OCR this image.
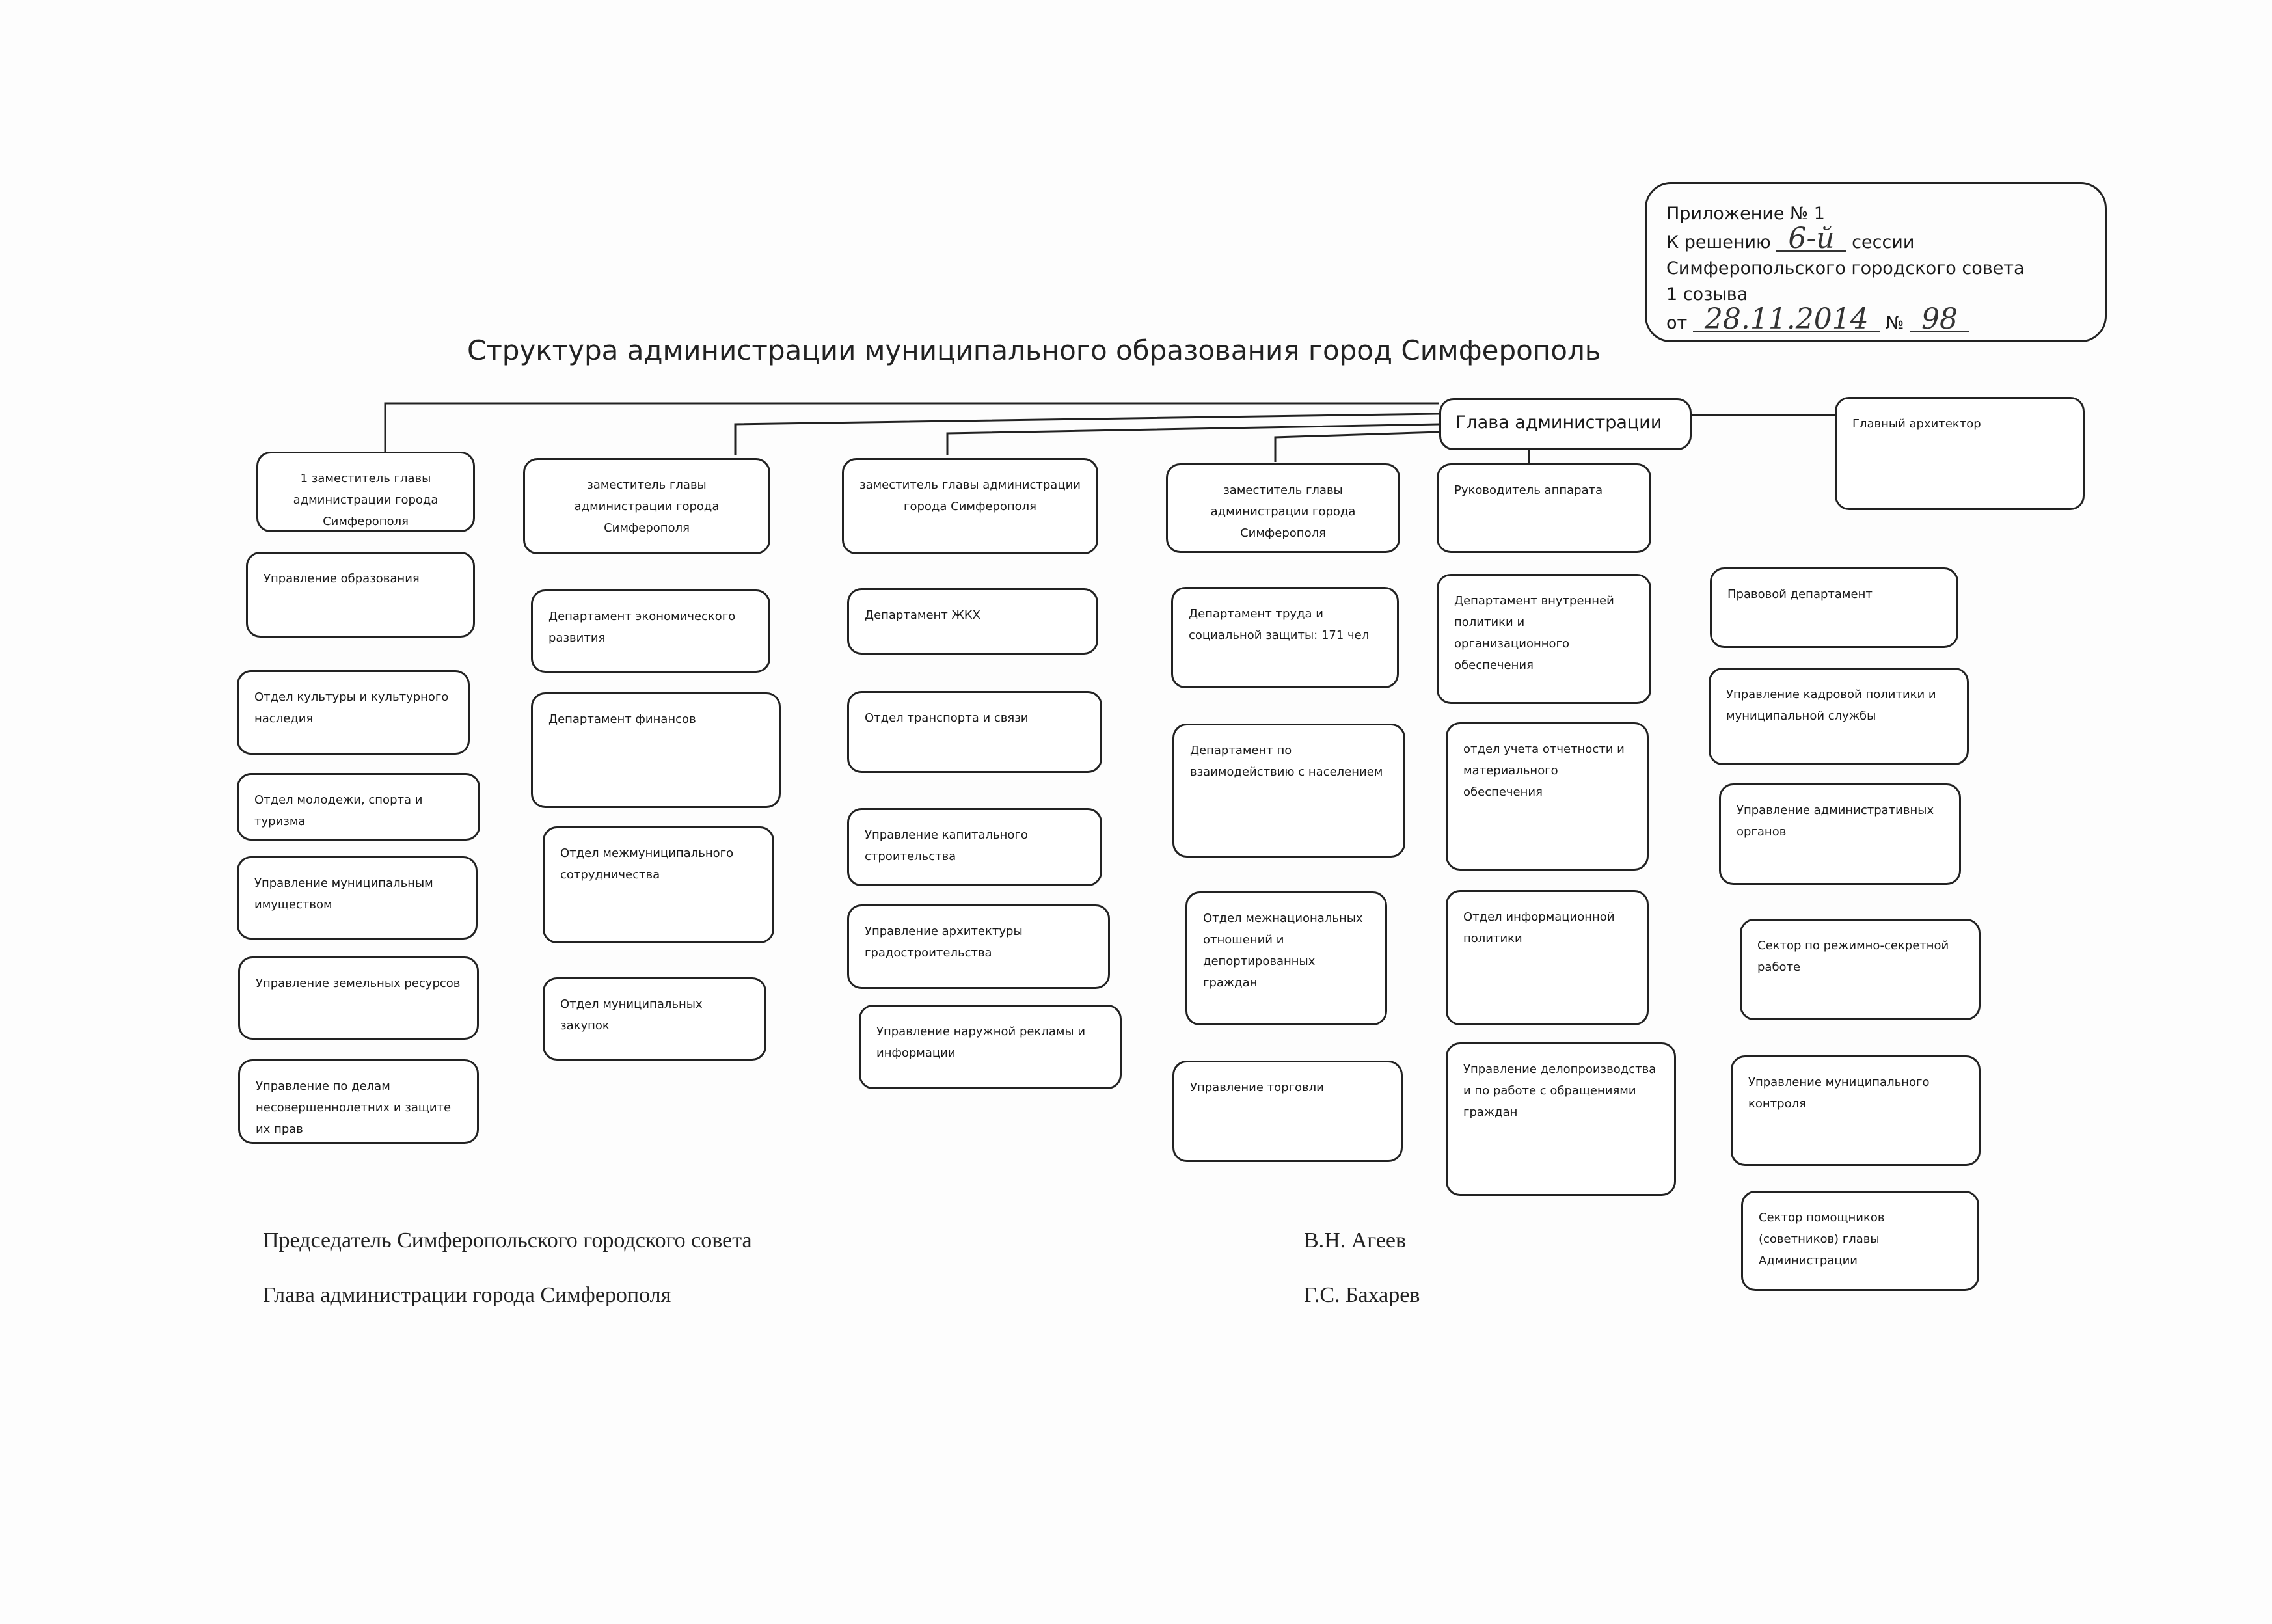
Структура администрации муниципального образования город Симферополь
Приложение № 1
К решению 6-й сессии
Симферопольского городского совета
1 созыва
от 28.11.2014 № 98
Глава администрации	Главный архитектор
1 заместитель главы администрации города Симферополя
заместитель главы администрации города Симферополя
заместитель главы администрации города Симферополя
заместитель главы администрации города Симферополя
Руководитель аппарата
Управление образования
Отдел культуры и культурного наследия
Отдел молодежи, спорта и туризма
Управление муниципальным имуществом
Управление земельных ресурсов
Управление по делам несовершеннолетних и защите их прав
Департамент экономического развития
Департамент финансов
Отдел межмуниципального сотрудничества
Отдел муниципальных закупок
Департамент ЖКХ
Отдел транспорта и связи
Управление капитального строительства
Управление архитектуры градостроительства
Управление наружной рекламы и информации
Департамент труда и социальной защиты: 171 чел
Департамент по взаимодействию с населением
Отдел межнациональных отношений и депортированных граждан
Управление торговли
Департамент внутренней политики и организационного обеспечения
отдел учета отчетности и материального обеспечения
Отдел информационной политики
Управление делопроизводства и по работе с обращениями граждан
Правовой департамент
Управление кадровой политики и муниципальной службы
Управление административных органов
Сектор по режимно-секретной работе
Управление муниципального контроля
Сектор помощников (советников) главы Администрации
Председатель Симферопольского городского совета	В.Н. Агеев
Глава администрации города Симферополя	Г.С. Бахарев
